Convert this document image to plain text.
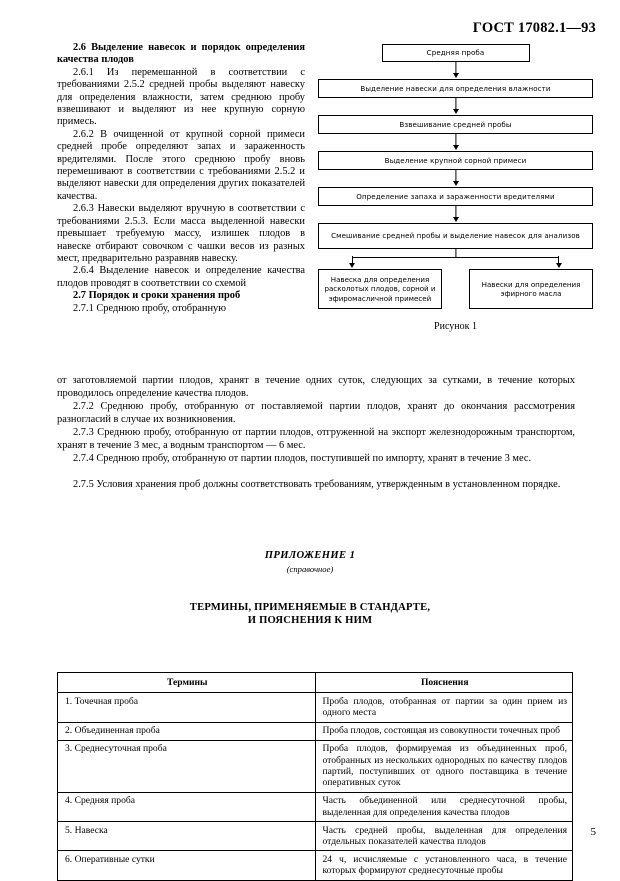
ГОСТ 17082.1—93

2.6 Выделение навесок и порядок определения качества плодов

2.6.1 Из перемешанной в соответствии с требованиями 2.5.2 средней пробы выделяют навеску для определения влажности, затем среднюю пробу взвешивают и выделяют из нее крупную сорную примесь.

2.6.2 В очищенной от крупной сорной примеси средней пробе определяют запах и зараженность вредителями. После этого среднюю пробу вновь перемешивают в соответствии с требованиями 2.5.2 и выделяют навески для определения других показателей качества.

2.6.3 Навески выделяют вручную в соответствии с требованиями 2.5.3. Если масса выделенной навески превышает требуемую массу, излишек плодов в навеске отбирают совочком с чашки весов из разных мест, предварительно разравняв навеску.

2.6.4 Выделение навесок и определение качества плодов проводят в соответствии со схемой

2.7 Порядок и сроки хранения проб

2.7.1 Среднюю пробу, отобранную

Средняя проба
Выделение навески для определения влажности
Взвешивание средней пробы
Выделение крупной сорной примеси
Определение запаха и зараженности вредителями
Смешивание средней пробы и выделение навесок для анализов
Навеска для определения расколотых плодов, сорной и эфиромасличной примесей
Навески для определения эфирного масла
Рисунок 1

от заготовляемой партии плодов, хранят в течение одних суток, следующих за сутками, в течение которых проводилось определение качества плодов.

2.7.2 Среднюю пробу, отобранную от поставляемой партии плодов, хранят до окончания рассмотрения разногласий в случае их возникновения.

2.7.3 Среднюю пробу, отобранную от партии плодов, отгруженной на экспорт железнодорожным транспортом, хранят в течение 3 мес, а водным транспортом — 6 мес.

2.7.4 Среднюю пробу, отобранную от партии плодов, поступившей по импорту, хранят в течение 3 мес.

2.7.5 Условия хранения проб должны соответствовать требованиям, утвержденным в установленном порядке.

ПРИЛОЖЕНИЕ 1
(справочное)
ТЕРМИНЫ, ПРИМЕНЯЕМЫЕ В СТАНДАРТЕ,
И ПОЯСНЕНИЯ К НИМ
Термины	Пояснения
1. Точечная проба	Проба плодов, отобранная от партии за один прием из одного места
2. Объединенная проба	Проба плодов, состоящая из совокупности точечных проб
3. Среднесуточная проба	Проба плодов, формируемая из объединенных проб, отобранных из нескольких однородных по качеству плодов партий, поступивших от одного поставщика в течение оперативных суток
4. Средняя проба	Часть объединенной или среднесуточной пробы, выделенная для определения качества плодов
5. Навеска	Часть средней пробы, выделенная для определения отдельных показателей качества плодов
6. Оперативные сутки	24 ч, исчисляемые с установленного часа, в течение которых формируют среднесуточные пробы
5
